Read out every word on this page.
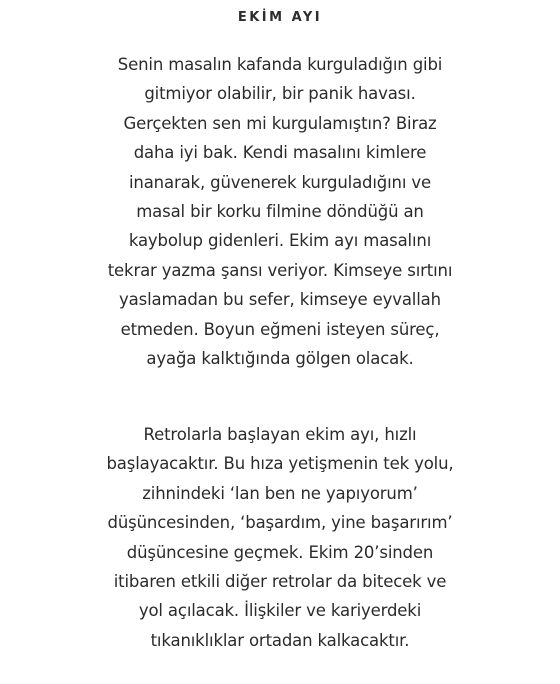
EKİM AYI
Senin masalın kafanda kurguladığın gibi
gitmiyor olabilir, bir panik havası.
Gerçekten sen mi kurgulamıştın? Biraz
daha iyi bak. Kendi masalını kimlere
inanarak, güvenerek kurguladığını ve
masal bir korku filmine döndüğü an
kaybolup gidenleri. Ekim ayı masalını
tekrar yazma şansı veriyor. Kimseye sırtını
yaslamadan bu sefer, kimseye eyvallah
etmeden. Boyun eğmeni isteyen süreç,
ayağa kalktığında gölgen olacak.
Retrolarla başlayan ekim ayı, hızlı
başlayacaktır. Bu hıza yetişmenin tek yolu,
zihnindeki ‘lan ben ne yapıyorum’
düşüncesinden, ‘başardım, yine başarırım’
düşüncesine geçmek. Ekim 20’sinden
itibaren etkili diğer retrolar da bitecek ve
yol açılacak. İlişkiler ve kariyerdeki
tıkanıklıklar ortadan kalkacaktır.
